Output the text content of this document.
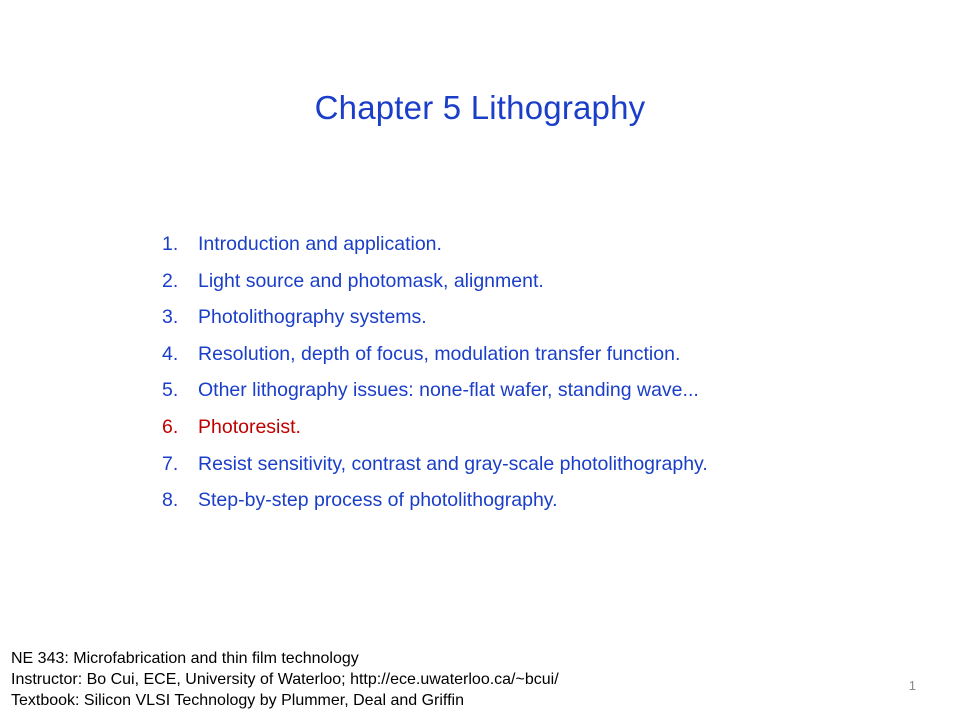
Chapter 5 Lithography
1.	Introduction and application.
2.	Light source and photomask, alignment.
3.	Photolithography systems.
4.	Resolution, depth of focus, modulation transfer function.
5.	Other lithography issues: none-flat wafer, standing wave...
6.	Photoresist.
7.	Resist sensitivity, contrast and gray-scale photolithography.
8.	Step-by-step process of photolithography.
NE 343: Microfabrication and thin film technology
Instructor: Bo Cui, ECE, University of Waterloo; http://ece.uwaterloo.ca/~bcui/
Textbook: Silicon VLSI Technology by Plummer, Deal and Griffin
1
